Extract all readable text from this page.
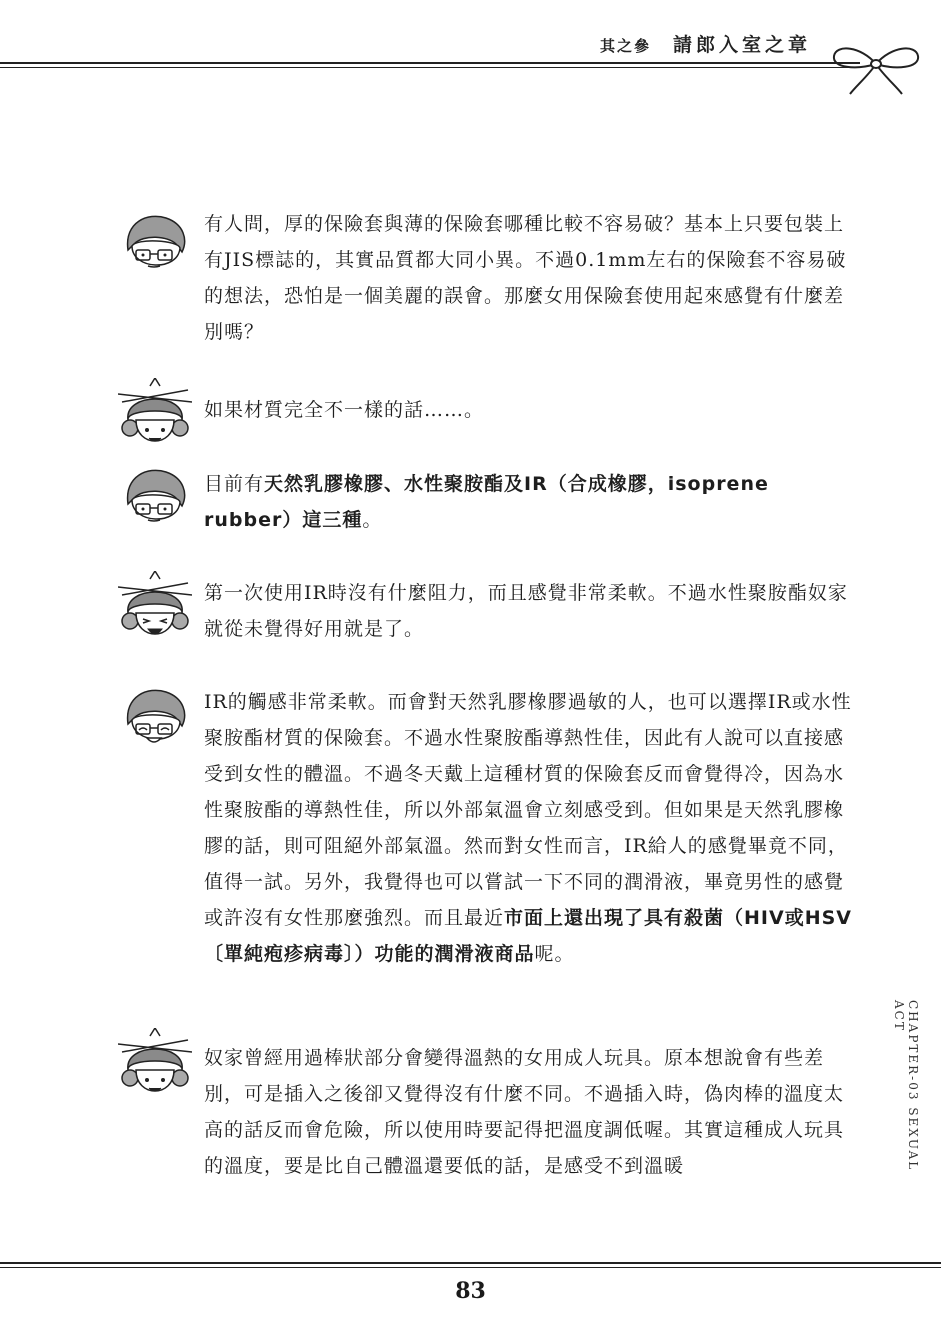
其之參 請郎入室之章

有人問，厚的保險套與薄的保險套哪種比較不容易破？基本上只要包裝上有JIS標誌的，其實品質都大同小異。不過0.1mm左右的保險套不容易破的想法，恐怕是一個美麗的誤會。那麼女用保險套使用起來感覺有什麼差別嗎？

如果材質完全不一樣的話……。

目前有天然乳膠橡膠、水性聚胺酯及IR（合成橡膠，isoprene rubber）這三種。

第一次使用IR時沒有什麼阻力，而且感覺非常柔軟。不過水性聚胺酯奴家就從未覺得好用就是了。

IR的觸感非常柔軟。而會對天然乳膠橡膠過敏的人，也可以選擇IR或水性聚胺酯材質的保險套。不過水性聚胺酯導熱性佳，因此有人說可以直接感受到女性的體溫。不過冬天戴上這種材質的保險套反而會覺得冷，因為水性聚胺酯的導熱性佳，所以外部氣溫會立刻感受到。但如果是天然乳膠橡膠的話，則可阻絕外部氣溫。然而對女性而言，IR給人的感覺畢竟不同，值得一試。另外，我覺得也可以嘗試一下不同的潤滑液，畢竟男性的感覺或許沒有女性那麼強烈。而且最近市面上還出現了具有殺菌（HIV或HSV〔單純疱疹病毒〕）功能的潤滑液商品呢。

奴家曾經用過棒狀部分會變得溫熱的女用成人玩具。原本想說會有些差別，可是插入之後卻又覺得沒有什麼不同。不過插入時，偽肉棒的溫度太高的話反而會危險，所以使用時要記得把溫度調低喔。其實這種成人玩具的溫度，要是比自己體溫還要低的話，是感受不到溫暖	CHAPTER-03 SEXUAL ACT
83
